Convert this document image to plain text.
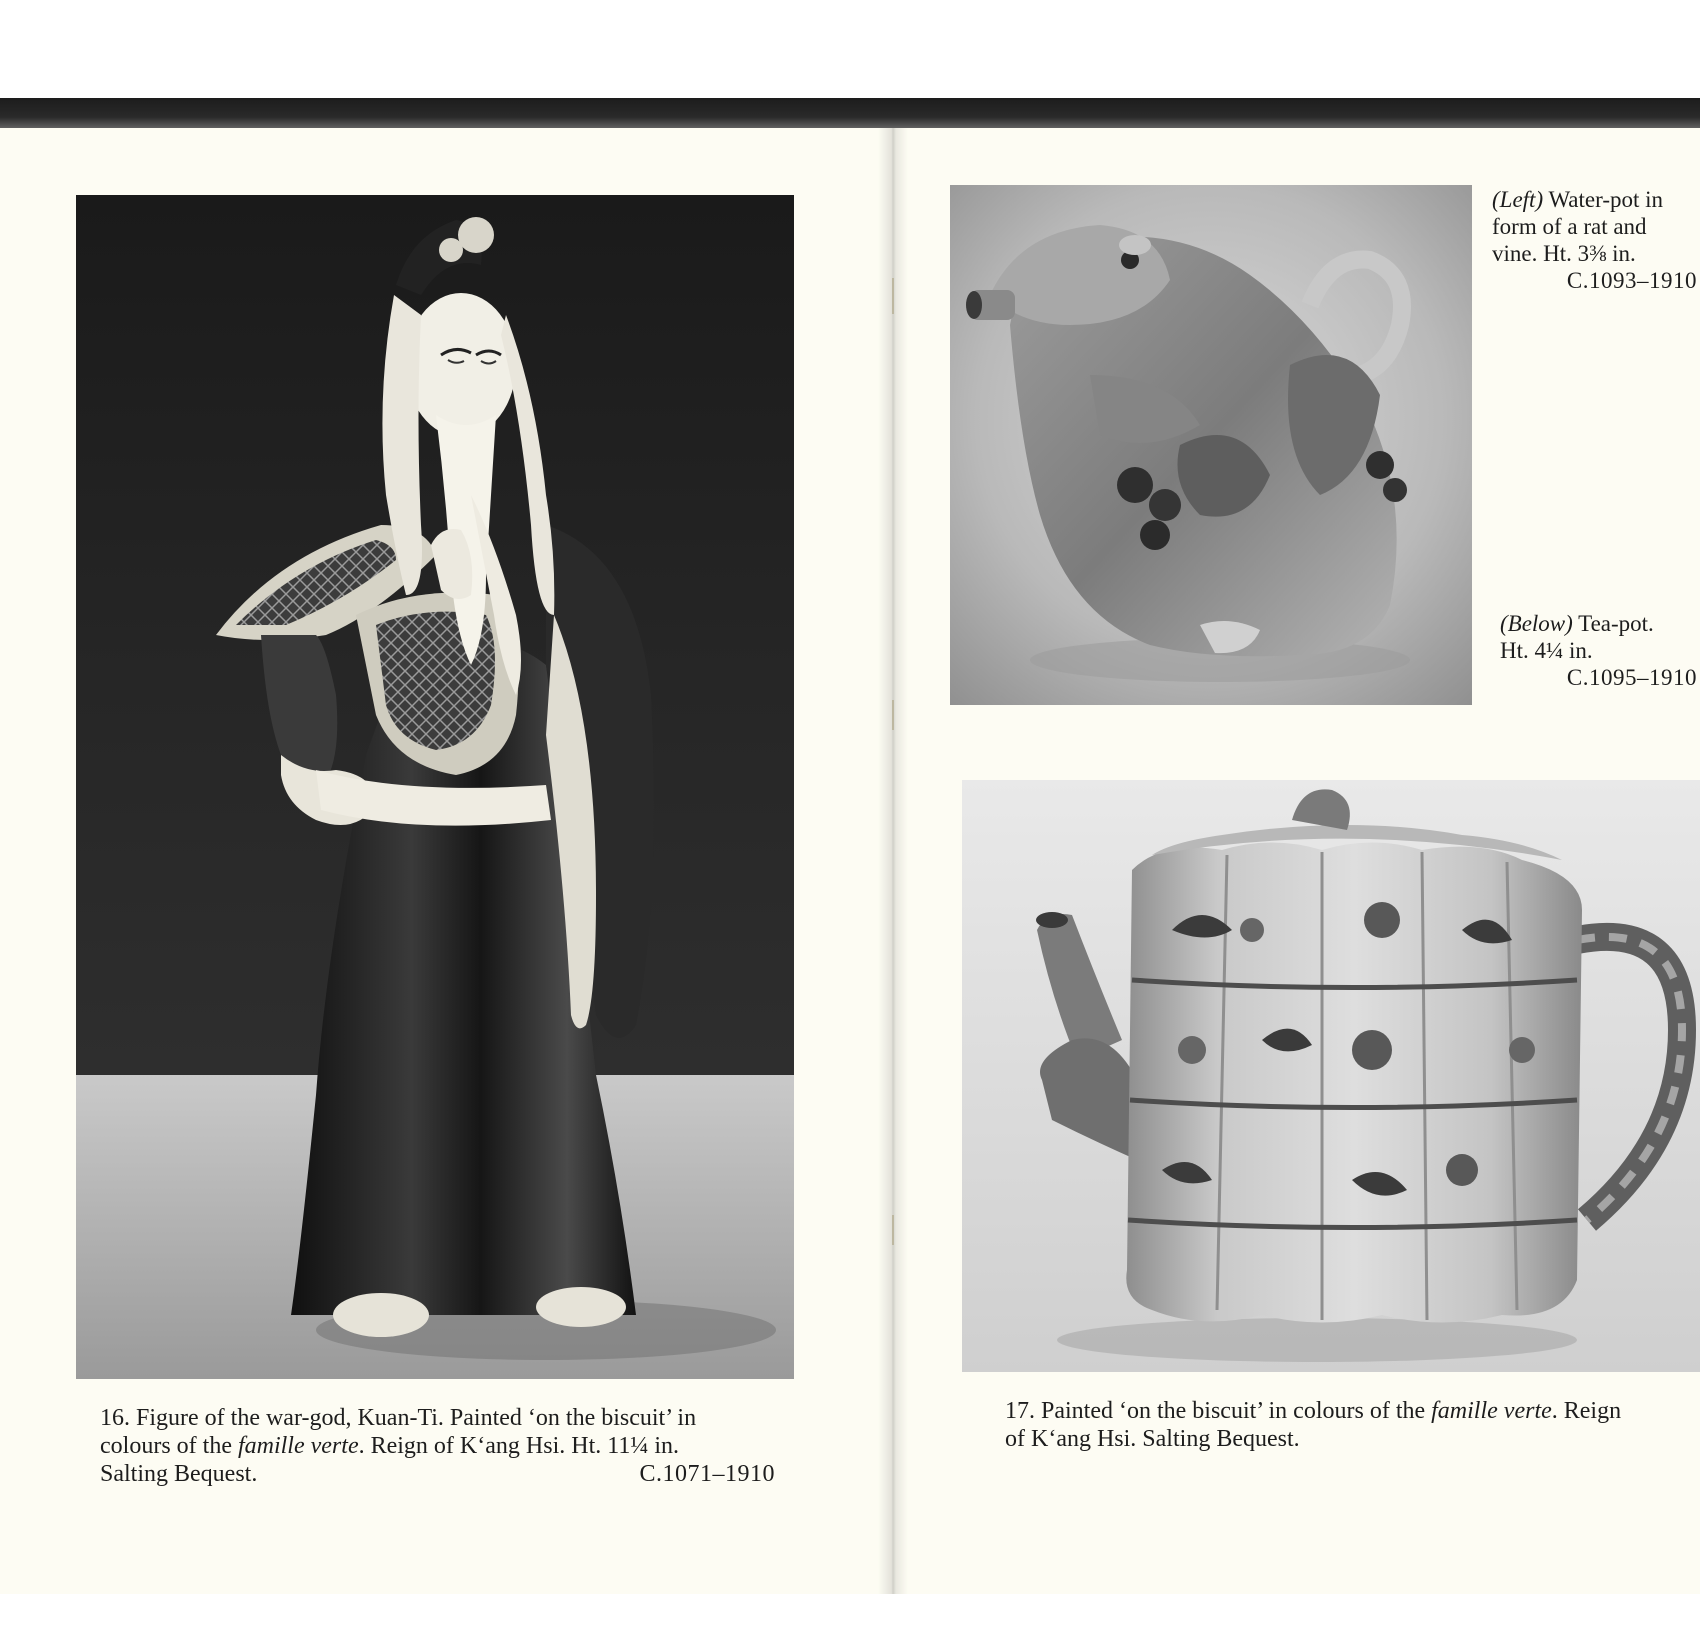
16. Figure of the war-god, Kuan-Ti. Painted ‘on the biscuit’ in
colours of the famille verte. Reign of K‘ang Hsi. Ht. 11¼ in.
Salting Bequest.	C.1071–1910
(Left) Water-pot in
form of a rat and
vine. Ht. 3⅜ in.
C.1093–1910
(Below) Tea-pot.
Ht. 4¼ in.
C.1095–1910
17. Painted ‘on the biscuit’ in colours of the famille verte. Reign
of K‘ang Hsi. Salting Bequest.
